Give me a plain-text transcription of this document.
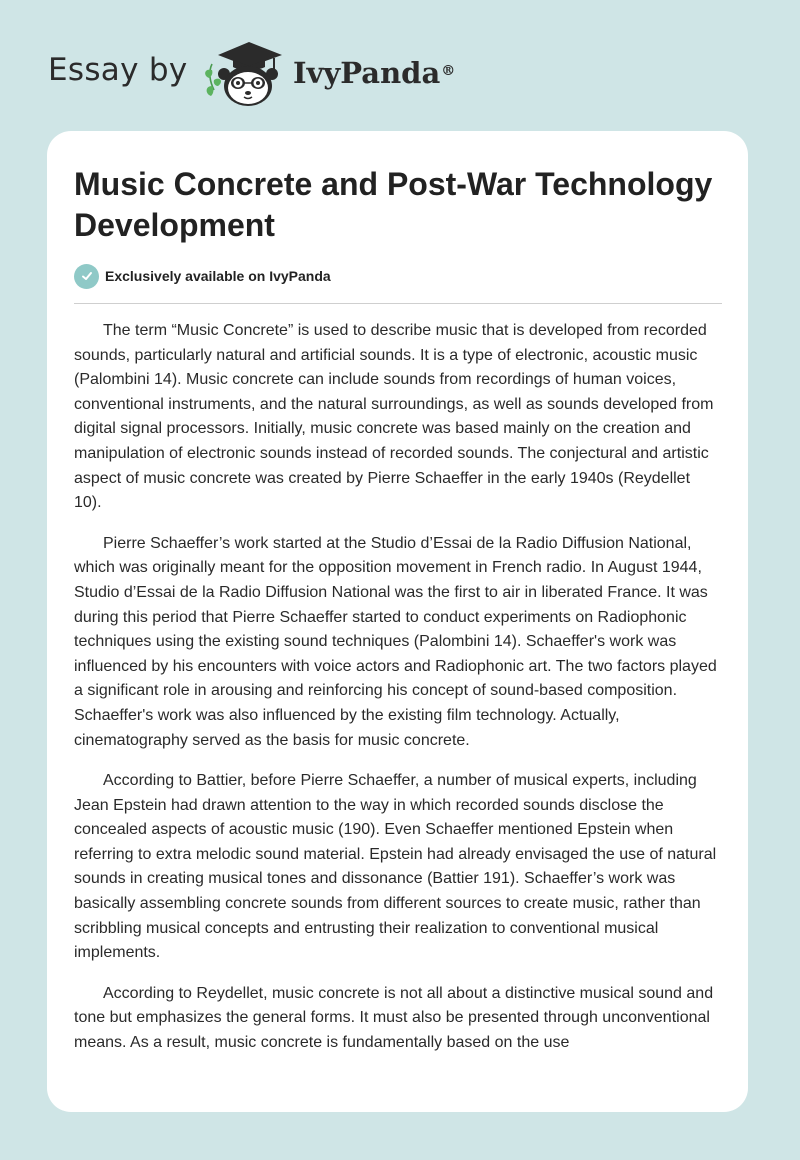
Essay by	IvyPanda®
Music Concrete and Post-War Technology Development
Exclusively available on IvyPanda

The term “Music Concrete” is used to describe music that is developed from recorded sounds, particularly natural and artificial sounds. It is a type of electronic, acoustic music (Palombini 14). Music concrete can include sounds from recordings of human voices, conventional instruments, and the natural surroundings, as well as sounds developed from digital signal processors. Initially, music concrete was based mainly on the creation and manipulation of electronic sounds instead of recorded sounds. The conjectural and artistic aspect of music concrete was created by Pierre Schaeffer in the early 1940s (Reydellet 10).

Pierre Schaeffer’s work started at the Studio d’Essai de la Radio Diffusion National, which was originally meant for the opposition movement in French radio. In August 1944, Studio d’Essai de la Radio Diffusion National was the first to air in liberated France. It was during this period that Pierre Schaeffer started to conduct experiments on Radiophonic techniques using the existing sound techniques (Palombini 14). Schaeffer's work was influenced by his encounters with voice actors and Radiophonic art. The two factors played a significant role in arousing and reinforcing his concept of sound-based composition. Schaeffer's work was also influenced by the existing film technology. Actually, cinematography served as the basis for music concrete.

According to Battier, before Pierre Schaeffer, a number of musical experts, including Jean Epstein had drawn attention to the way in which recorded sounds disclose the concealed aspects of acoustic music (190). Even Schaeffer mentioned Epstein when referring to extra melodic sound material. Epstein had already envisaged the use of natural sounds in creating musical tones and dissonance (Battier 191). Schaeffer’s work was basically assembling concrete sounds from different sources to create music, rather than scribbling musical concepts and entrusting their realization to conventional musical implements.

According to Reydellet, music concrete is not all about a distinctive musical sound and tone but emphasizes the general forms. It must also be presented through unconventional means. As a result, music concrete is fundamentally based on the use
